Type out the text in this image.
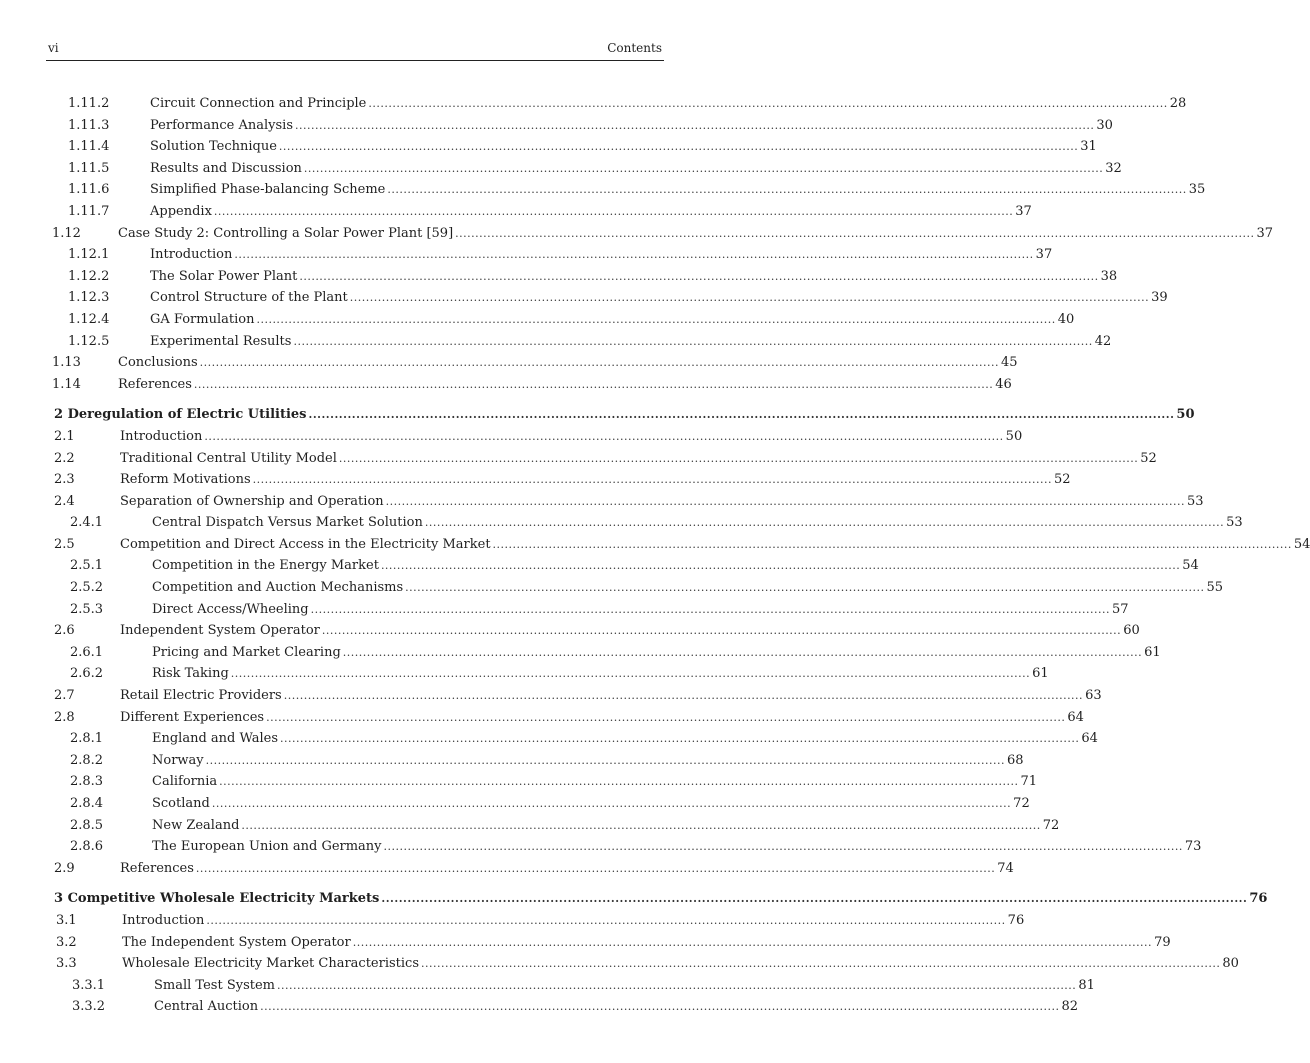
vi	Contents
1.11.2	Circuit Connection and Principle ........................................................................................................................................................................................................ 28
1.11.3	Performance Analysis ........................................................................................................................................................................................................ 30
1.11.4	Solution Technique ........................................................................................................................................................................................................ 31
1.11.5	Results and Discussion ........................................................................................................................................................................................................ 32
1.11.6	Simplified Phase-balancing Scheme ........................................................................................................................................................................................................ 35
1.11.7	Appendix ........................................................................................................................................................................................................ 37
1.12	Case Study 2: Controlling a Solar Power Plant [59] ........................................................................................................................................................................................................ 37
1.12.1	Introduction ........................................................................................................................................................................................................ 37
1.12.2	The Solar Power Plant ........................................................................................................................................................................................................ 38
1.12.3	Control Structure of the Plant ........................................................................................................................................................................................................ 39
1.12.4	GA Formulation ........................................................................................................................................................................................................ 40
1.12.5	Experimental Results ........................................................................................................................................................................................................ 42
1.13	Conclusions ........................................................................................................................................................................................................ 45
1.14	References ........................................................................................................................................................................................................ 46
2 Deregulation of Electric Utilities ........................................................................................................................................................................................................ 50
2.1	Introduction ........................................................................................................................................................................................................ 50
2.2	Traditional Central Utility Model ........................................................................................................................................................................................................ 52
2.3	Reform Motivations ........................................................................................................................................................................................................ 52
2.4	Separation of Ownership and Operation ........................................................................................................................................................................................................ 53
2.4.1	Central Dispatch Versus Market Solution ........................................................................................................................................................................................................ 53
2.5	Competition and Direct Access in the Electricity Market ........................................................................................................................................................................................................ 54
2.5.1	Competition in the Energy Market ........................................................................................................................................................................................................ 54
2.5.2	Competition and Auction Mechanisms ........................................................................................................................................................................................................ 55
2.5.3	Direct Access/Wheeling ........................................................................................................................................................................................................ 57
2.6	Independent System Operator ........................................................................................................................................................................................................ 60
2.6.1	Pricing and Market Clearing ........................................................................................................................................................................................................ 61
2.6.2	Risk Taking ........................................................................................................................................................................................................ 61
2.7	Retail Electric Providers ........................................................................................................................................................................................................ 63
2.8	Different Experiences ........................................................................................................................................................................................................ 64
2.8.1	England and Wales ........................................................................................................................................................................................................ 64
2.8.2	Norway ........................................................................................................................................................................................................ 68
2.8.3	California ........................................................................................................................................................................................................ 71
2.8.4	Scotland ........................................................................................................................................................................................................ 72
2.8.5	New Zealand ........................................................................................................................................................................................................ 72
2.8.6	The European Union and Germany ........................................................................................................................................................................................................ 73
2.9	References ........................................................................................................................................................................................................ 74
3 Competitive Wholesale Electricity Markets ........................................................................................................................................................................................................ 76
3.1	Introduction ........................................................................................................................................................................................................ 76
3.2	The Independent System Operator ........................................................................................................................................................................................................ 79
3.3	Wholesale Electricity Market Characteristics ........................................................................................................................................................................................................ 80
3.3.1	Small Test System ........................................................................................................................................................................................................ 81
3.3.2	Central Auction ........................................................................................................................................................................................................ 82
